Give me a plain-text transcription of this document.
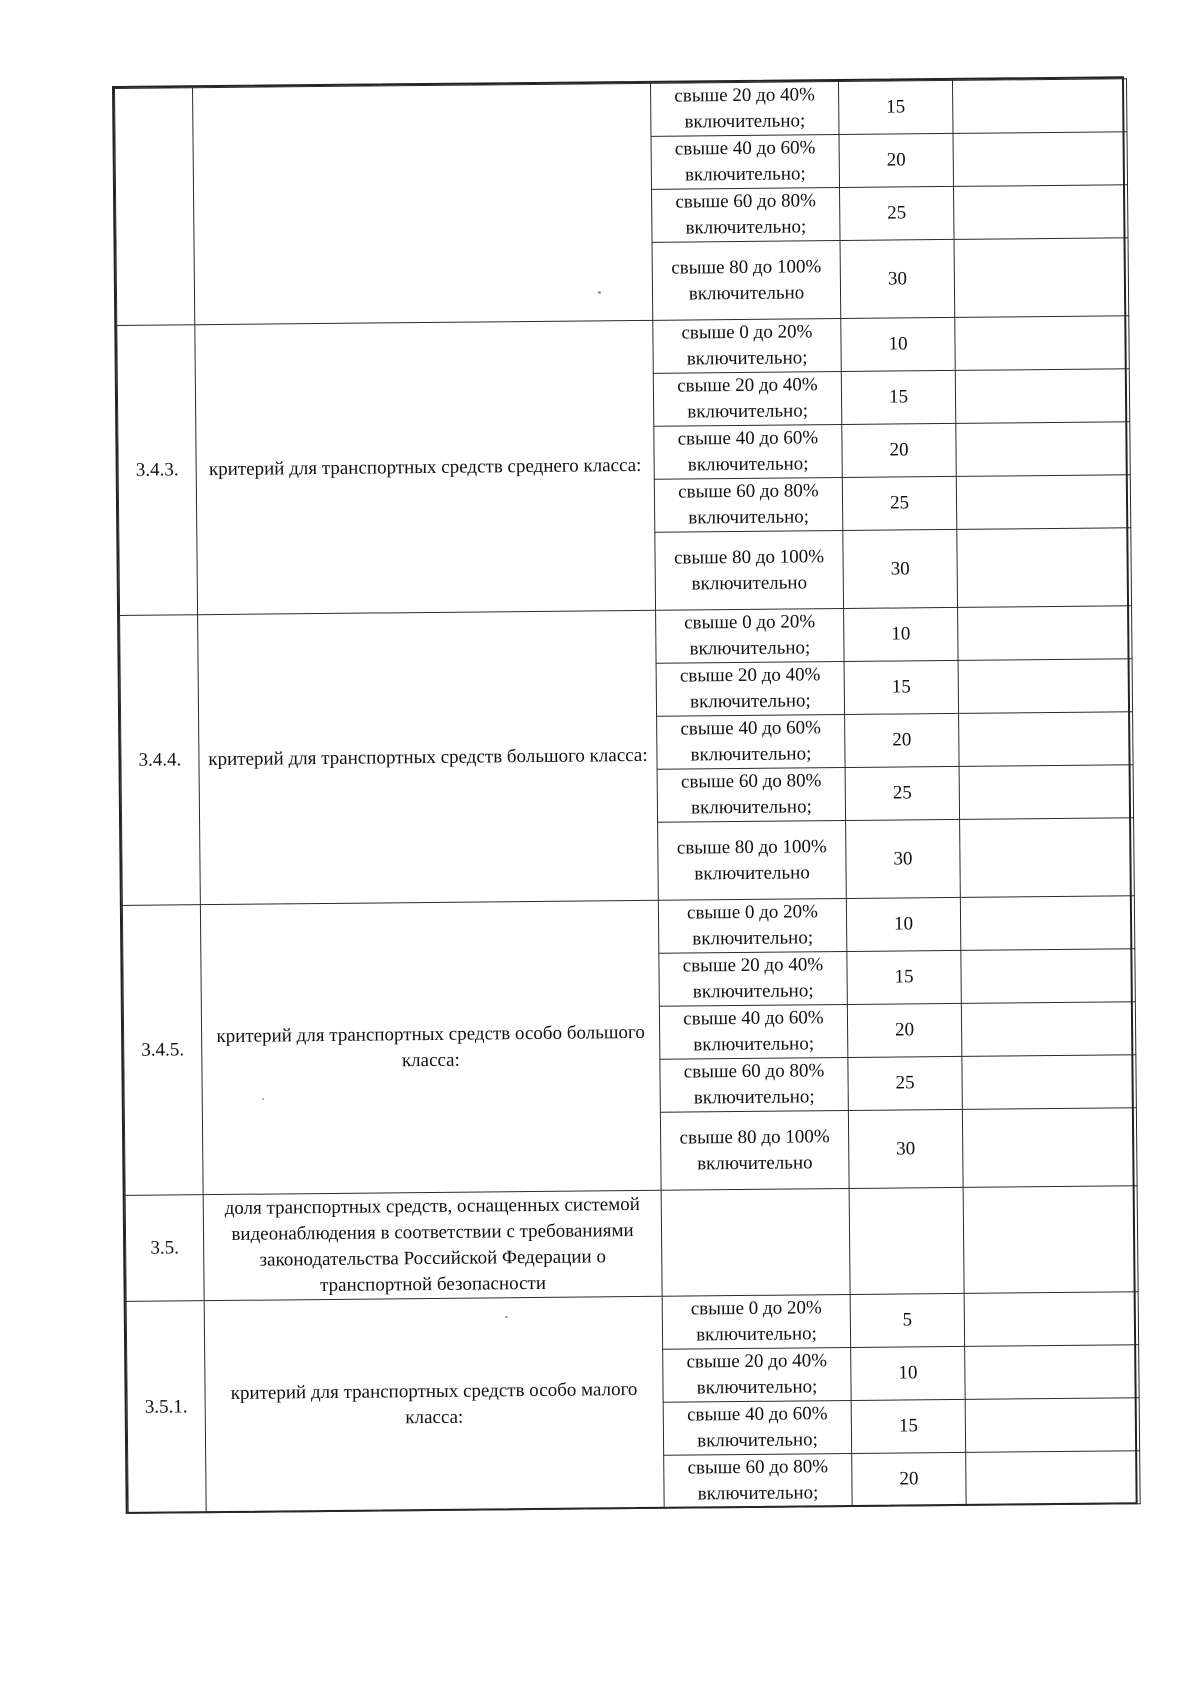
		свыше 20 до 40% включительно;	15	
		свыше 40 до 60% включительно;	20	
		свыше 60 до 80% включительно;	25	
		свыше 80 до 100% включительно	30	
3.4.3.	критерий для транспортных средств среднего класса:	свыше 0 до 20% включительно;	10	
		свыше 20 до 40% включительно;	15	
		свыше 40 до 60% включительно;	20	
		свыше 60 до 80% включительно;	25	
		свыше 80 до 100% включительно	30	
3.4.4.	критерий для транспортных средств большого класса:	свыше 0 до 20% включительно;	10	
		свыше 20 до 40% включительно;	15	
		свыше 40 до 60% включительно;	20	
		свыше 60 до 80% включительно;	25	
		свыше 80 до 100% включительно	30	
3.4.5.	критерий для транспортных средств особо большого класса:	свыше 0 до 20% включительно;	10	
		свыше 20 до 40% включительно;	15	
		свыше 40 до 60% включительно;	20	
		свыше 60 до 80% включительно;	25	
		свыше 80 до 100% включительно	30	
3.5.	доля транспортных средств, оснащенных системой видеонаблюдения в соответствии с требованиями законодательства Российской Федерации о транспортной безопасности			
3.5.1.	критерий для транспортных средств особо малого класса:	свыше 0 до 20% включительно;	5	
		свыше 20 до 40% включительно;	10	
		свыше 40 до 60% включительно;	15	
		свыше 60 до 80% включительно;	20	
